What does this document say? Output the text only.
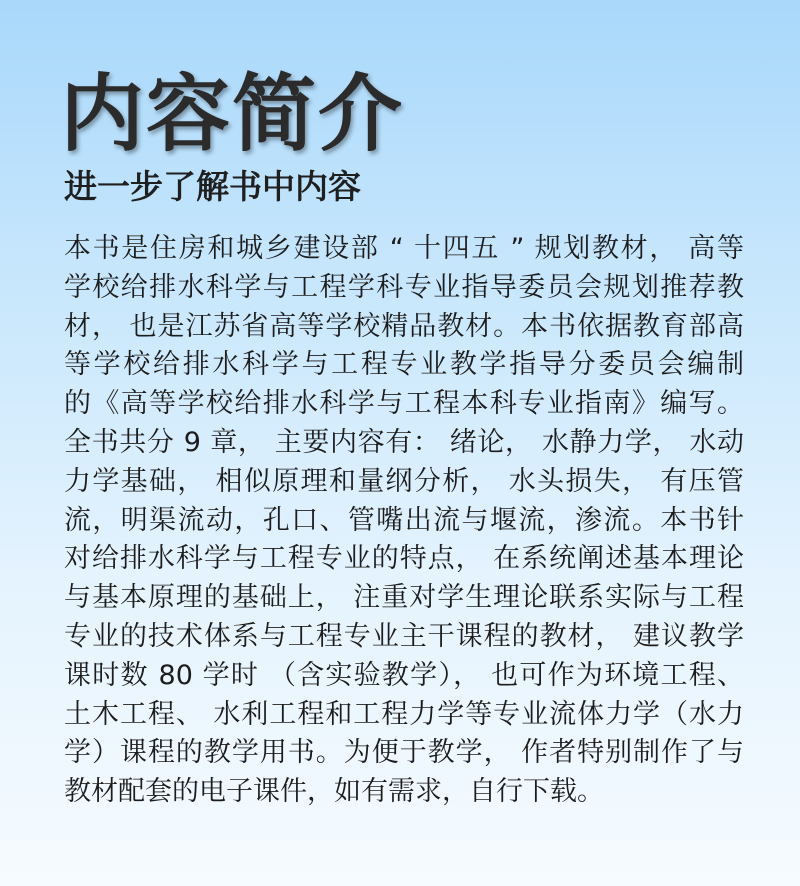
内容简介
进一步了解书中内容
本书是住房和城乡建设部 “ 十四五 ” 规划教材， 高等
学校给排水科学与工程学科专业指导委员会规划推荐教
材， 也是江苏省高等学校精品教材。本书依据教育部高
等学校给排水科学与工程专业教学指导分委员会编制
的《高等学校给排水科学与工程本科专业指南》编写。
全书共分 9 章， 主要内容有： 绪论， 水静力学， 水动
力学基础， 相似原理和量纲分析， 水头损失， 有压管
流，明渠流动，孔口、管嘴出流与堰流，渗流。本书针
对给排水科学与工程专业的特点， 在系统阐述基本理论
与基本原理的基础上， 注重对学生理论联系实际与工程
专业的技术体系与工程专业主干课程的教材， 建议教学
课时数 80 学时 （含实验教学）， 也可作为环境工程、
土木工程、 水利工程和工程力学等专业流体力学（水力
学）课程的教学用书。为便于教学， 作者特别制作了与
教材配套的电子课件，如有需求，自行下载。
